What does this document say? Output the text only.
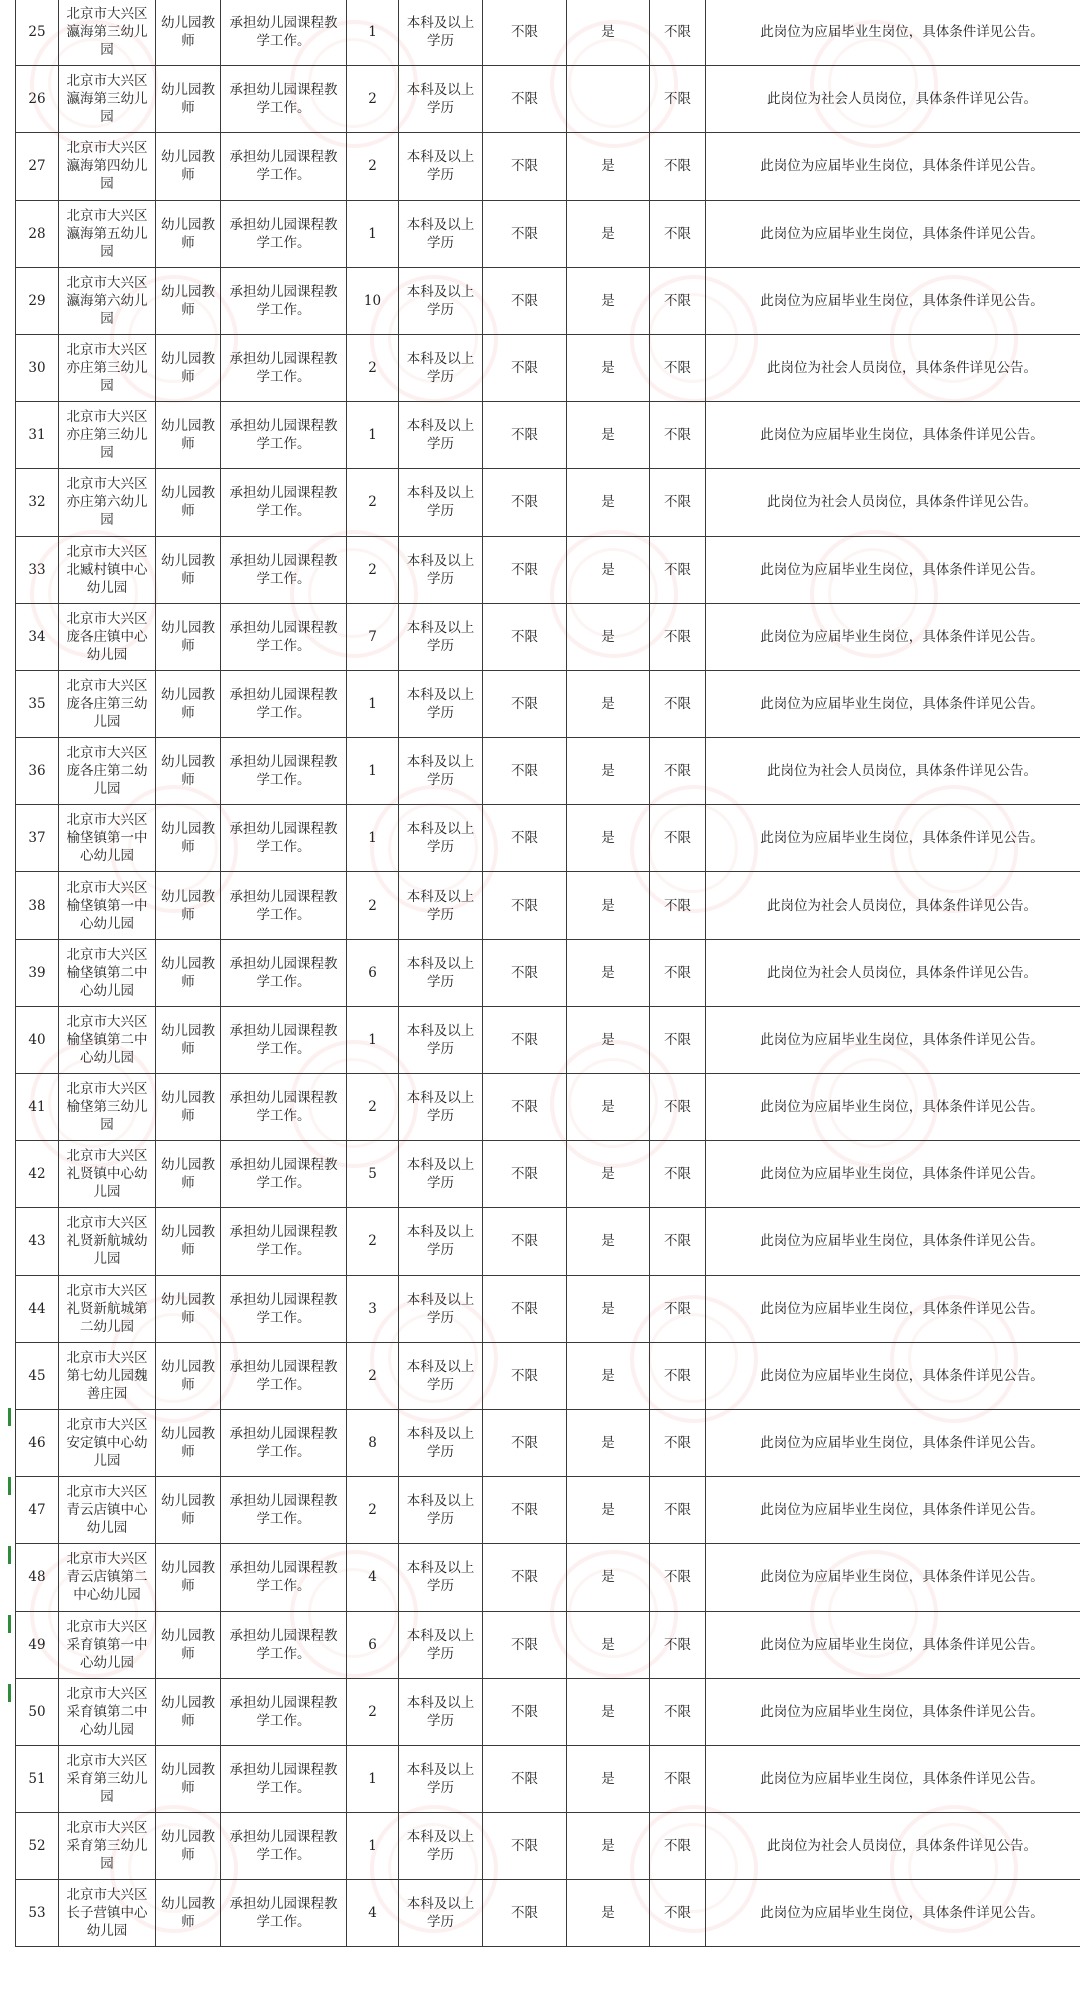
25	北京市大兴区瀛海第三幼儿园	幼儿园教师	承担幼儿园课程教学工作。	1	本科及以上学历	不限	是	不限	此岗位为应届毕业生岗位，具体条件详见公告。
26	北京市大兴区瀛海第三幼儿园	幼儿园教师	承担幼儿园课程教学工作。	2	本科及以上学历	不限		不限	此岗位为社会人员岗位，具体条件详见公告。
27	北京市大兴区瀛海第四幼儿园	幼儿园教师	承担幼儿园课程教学工作。	2	本科及以上学历	不限	是	不限	此岗位为应届毕业生岗位，具体条件详见公告。
28	北京市大兴区瀛海第五幼儿园	幼儿园教师	承担幼儿园课程教学工作。	1	本科及以上学历	不限	是	不限	此岗位为应届毕业生岗位，具体条件详见公告。
29	北京市大兴区瀛海第六幼儿园	幼儿园教师	承担幼儿园课程教学工作。	10	本科及以上学历	不限	是	不限	此岗位为应届毕业生岗位，具体条件详见公告。
30	北京市大兴区亦庄第三幼儿园	幼儿园教师	承担幼儿园课程教学工作。	2	本科及以上学历	不限	是	不限	此岗位为社会人员岗位，具体条件详见公告。
31	北京市大兴区亦庄第三幼儿园	幼儿园教师	承担幼儿园课程教学工作。	1	本科及以上学历	不限	是	不限	此岗位为应届毕业生岗位，具体条件详见公告。
32	北京市大兴区亦庄第六幼儿园	幼儿园教师	承担幼儿园课程教学工作。	2	本科及以上学历	不限	是	不限	此岗位为社会人员岗位，具体条件详见公告。
33	北京市大兴区北臧村镇中心幼儿园	幼儿园教师	承担幼儿园课程教学工作。	2	本科及以上学历	不限	是	不限	此岗位为应届毕业生岗位，具体条件详见公告。
34	北京市大兴区庞各庄镇中心幼儿园	幼儿园教师	承担幼儿园课程教学工作。	7	本科及以上学历	不限	是	不限	此岗位为应届毕业生岗位，具体条件详见公告。
35	北京市大兴区庞各庄第三幼儿园	幼儿园教师	承担幼儿园课程教学工作。	1	本科及以上学历	不限	是	不限	此岗位为应届毕业生岗位，具体条件详见公告。
36	北京市大兴区庞各庄第二幼儿园	幼儿园教师	承担幼儿园课程教学工作。	1	本科及以上学历	不限	是	不限	此岗位为社会人员岗位，具体条件详见公告。
37	北京市大兴区榆垡镇第一中心幼儿园	幼儿园教师	承担幼儿园课程教学工作。	1	本科及以上学历	不限	是	不限	此岗位为应届毕业生岗位，具体条件详见公告。
38	北京市大兴区榆垡镇第一中心幼儿园	幼儿园教师	承担幼儿园课程教学工作。	2	本科及以上学历	不限	是	不限	此岗位为社会人员岗位，具体条件详见公告。
39	北京市大兴区榆垡镇第二中心幼儿园	幼儿园教师	承担幼儿园课程教学工作。	6	本科及以上学历	不限	是	不限	此岗位为社会人员岗位，具体条件详见公告。
40	北京市大兴区榆垡镇第二中心幼儿园	幼儿园教师	承担幼儿园课程教学工作。	1	本科及以上学历	不限	是	不限	此岗位为应届毕业生岗位，具体条件详见公告。
41	北京市大兴区榆垡第三幼儿园	幼儿园教师	承担幼儿园课程教学工作。	2	本科及以上学历	不限	是	不限	此岗位为应届毕业生岗位，具体条件详见公告。
42	北京市大兴区礼贤镇中心幼儿园	幼儿园教师	承担幼儿园课程教学工作。	5	本科及以上学历	不限	是	不限	此岗位为应届毕业生岗位，具体条件详见公告。
43	北京市大兴区礼贤新航城幼儿园	幼儿园教师	承担幼儿园课程教学工作。	2	本科及以上学历	不限	是	不限	此岗位为应届毕业生岗位，具体条件详见公告。
44	北京市大兴区礼贤新航城第二幼儿园	幼儿园教师	承担幼儿园课程教学工作。	3	本科及以上学历	不限	是	不限	此岗位为应届毕业生岗位，具体条件详见公告。
45	北京市大兴区第七幼儿园魏善庄园	幼儿园教师	承担幼儿园课程教学工作。	2	本科及以上学历	不限	是	不限	此岗位为应届毕业生岗位，具体条件详见公告。
46	北京市大兴区安定镇中心幼儿园	幼儿园教师	承担幼儿园课程教学工作。	8	本科及以上学历	不限	是	不限	此岗位为应届毕业生岗位，具体条件详见公告。
47	北京市大兴区青云店镇中心幼儿园	幼儿园教师	承担幼儿园课程教学工作。	2	本科及以上学历	不限	是	不限	此岗位为应届毕业生岗位，具体条件详见公告。
48	北京市大兴区青云店镇第二中心幼儿园	幼儿园教师	承担幼儿园课程教学工作。	4	本科及以上学历	不限	是	不限	此岗位为应届毕业生岗位，具体条件详见公告。
49	北京市大兴区采育镇第一中心幼儿园	幼儿园教师	承担幼儿园课程教学工作。	6	本科及以上学历	不限	是	不限	此岗位为应届毕业生岗位，具体条件详见公告。
50	北京市大兴区采育镇第二中心幼儿园	幼儿园教师	承担幼儿园课程教学工作。	2	本科及以上学历	不限	是	不限	此岗位为应届毕业生岗位，具体条件详见公告。
51	北京市大兴区采育第三幼儿园	幼儿园教师	承担幼儿园课程教学工作。	1	本科及以上学历	不限	是	不限	此岗位为应届毕业生岗位，具体条件详见公告。
52	北京市大兴区采育第三幼儿园	幼儿园教师	承担幼儿园课程教学工作。	1	本科及以上学历	不限	是	不限	此岗位为社会人员岗位，具体条件详见公告。
53	北京市大兴区长子营镇中心幼儿园	幼儿园教师	承担幼儿园课程教学工作。	4	本科及以上学历	不限	是	不限	此岗位为应届毕业生岗位，具体条件详见公告。
